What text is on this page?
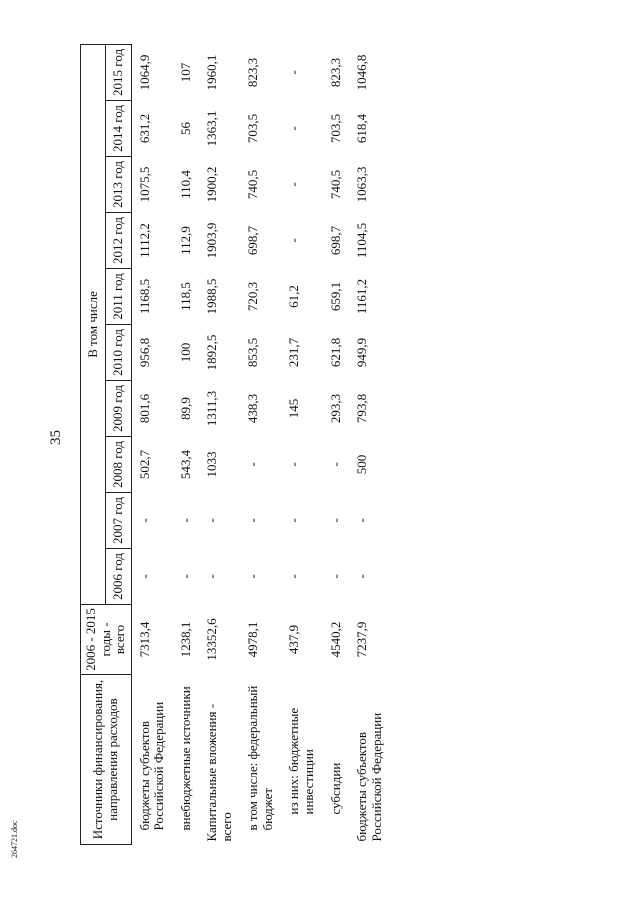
35
264721.doc	Источники финансирования, направления расходов	2006 - 2015 годы - всего	В том числе									
		2006 год	2007 год	2008 год	2009 год	2010 год	2011 год	2012 год	2013 год	2014 год	2015 год
бюджеты субъектов Российской Федерации	7313,4	-	-	502,7	801,6	956,8	1168,5	1112,2	1075,5	631,2	1064,9
внебюджетные источники	1238,1	-	-	543,4	89,9	100	118,5	112,9	110,4	56	107
Капитальные вложения - всего	13352,6	-	-	1033	1311,3	1892,5	1988,5	1903,9	1900,2	1363,1	1960,1
в том числе: федеральный бюджет	4978,1	-	-	-	438,3	853,5	720,3	698,7	740,5	703,5	823,3
из них: бюджетные инвестиции	437,9	-	-	-	145	231,7	61,2	-	-	-	-
субсидии	4540,2	-	-	-	293,3	621,8	659,1	698,7	740,5	703,5	823,3
бюджеты субъектов Российской Федерации	7237,9	-	-	500	793,8	949,9	1161,2	1104,5	1063,3	618,4	1046,8
